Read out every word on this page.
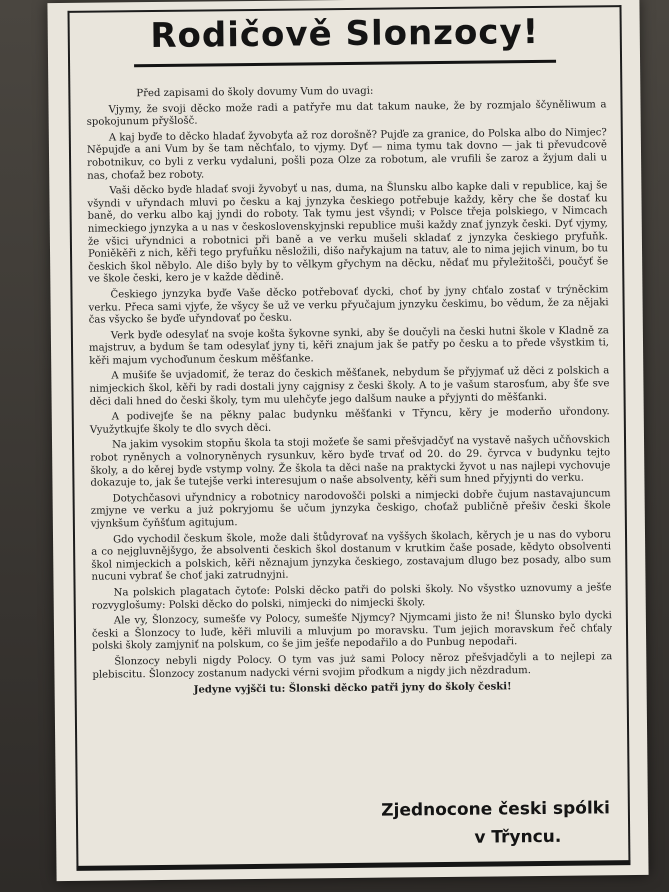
Rodičově Slonzocy!

Před zapisami do školy dovumy Vum do uvagi:

Vjymy, že svoji děcko može radi a patřyře mu dat takum nauke, že by rozmjalo ščyněliwum a spokojunum přyšlošč.

A kaj byďe to děcko hladať žyvobyťa až roz dorošně? Pujďe za granice, do Polska albo do Nimjec? Něpujďe a ani Vum by še tam něchťalo, to vjymy. Dyť — nima tymu tak dovno — jak ti převudcově robotnikuv, co byli z verku vydaluni, pošli poza Olze za robotum, ale vrufili še zaroz a žyjum dali u nas, choťaž bez roboty.

Vaši děcko byďe hladať svoji žyvobyť u nas, duma, na Šlunsku albo kapke dali v republice, kaj še všyndi v uřyndach mluvi po česku a kaj jynzyka českiego potřebuje každy, kěry che še dostať ku baně, do verku albo kaj jyndi do roboty. Tak tymu jest všyndi; v Polsce třeja polskiego, v Nimcach nimeckiego jynzyka a u nas v československyjnski republice muši každy znať jynzyk česki. Dyť vjymy, že všici uřyndnici a robotnici při baně a ve verku mušeli skladať z jynzyka českiego pryfuňk. Poniěkěři z nich, kěři tego pryfuňku něsložili, dišo nařykajum na tatuv, ale to nima jejich vinum, bo tu českich škol něbylo. Ale dišo byly by to vělkym gřychym na děcku, nědať mu přyležitošči, poučyť še ve škole česki, kero je v každe dědině.

Českiego jynzyka byďe Vaše děcko potřebovať dycki, choť by jyny chťalo zostať v trýněckim verku. Přeca sami vjyťe, že všycy še už ve verku přyučajum jynzyku českimu, bo vědum, že za nějaki čas všycko še byďe uřyndovať po česku.

Verk byďe odesylať na svoje košta šykovne synki, aby še doučyli na česki hutni škole v Kladně za majstruv, a bydum še tam odesylať jyny ti, kěři znajum jak še patřy po česku a to přede všystkim ti, kěři majum vychoďunum českum měšťanke.

A mušiťe še uvjadomiť, že teraz do českich měšťanek, nebydum še přyjymať už děci z polskich a nimjeckich škol, kěři by radi dostali jyny cajgnisy z česki školy. A to je vašum starosťum, aby šťe sve děci dali hned do česki školy, tym mu ulehčyťe jego dalšum nauke a přyjynti do měšťanki.

A podivejťe še na pěkny palac budynku měšťanki v Třyncu, kěry je moderňo uřondony. Využytkujťe školy te dlo svych děci.

Na jakim vysokim stopňu škola ta stoji možeťe še sami přešvjadčyť na vystavě našych učňovskich robot ryněnych a volnoryněnych rysunkuv, kěro byďe trvať od 20. do 29. čyrvca v budynku tejto školy, a do kěrej byďe vstymp volny. Že škola ta děci naše na praktycki žyvot u nas najlepi vychovuje dokazuje to, jak še tutejše verki interesujum o naše absolventy, kěři sum hned přyjynti do verku.

Dotychčasovi uřyndnicy a robotnicy narodovošči polski a nimjecki dobře čujum nastavajuncum zmjyne ve verku a już pokryjomu še učum jynzyka českigo, choťaž publičně přešiv česki škole vjynkšum čyňšťum agitujum.

Gdo vychodil českum škole, može dali štůdyrovať na vyššych školach, kěrych je u nas do vyboru a co nejgluvnějšygo, že absolventi českich škol dostanum v krutkim čaše posade, kědyto obsolventi škol nimjeckich a polskich, kěři něznajum jynzyka českiego, zostavajum dlugo bez posady, albo sum nucuni vybrať še choť jaki zatrudnyjni.

Na polskich plagatach čytoťe: Polski děcko patři do polski školy. No všystko uznovumy a ješťe rozvyglošumy: Polski děcko do polski, nimjecki do nimjecki školy.

Ale vy, Šlonzocy, sumešťe vy Polocy, sumešťe Njymcy? Njymcami jisto že ni! Šlunsko bylo dycki česki a Šlonzocy to luďe, kěři mluvili a mluvjum po moravsku. Tum jejich moravskum řeč chťaly polski školy zamjyniť na polskum, co še jim ješťe nepodařilo a do Punbug nepodaři.

Šlonzocy nebyli nigdy Polocy. O tym vas już sami Polocy něroz přešvjadčyli a to nejlepi za plebiscitu. Šlonzocy zostanum nadycki vérni svojim přodkum a nigdy jich nězdradum.

Jedyne vyjšči tu: Šlonski děcko patři jyny do školy česki!

Zjednocone česki spólki

v Třyncu.
